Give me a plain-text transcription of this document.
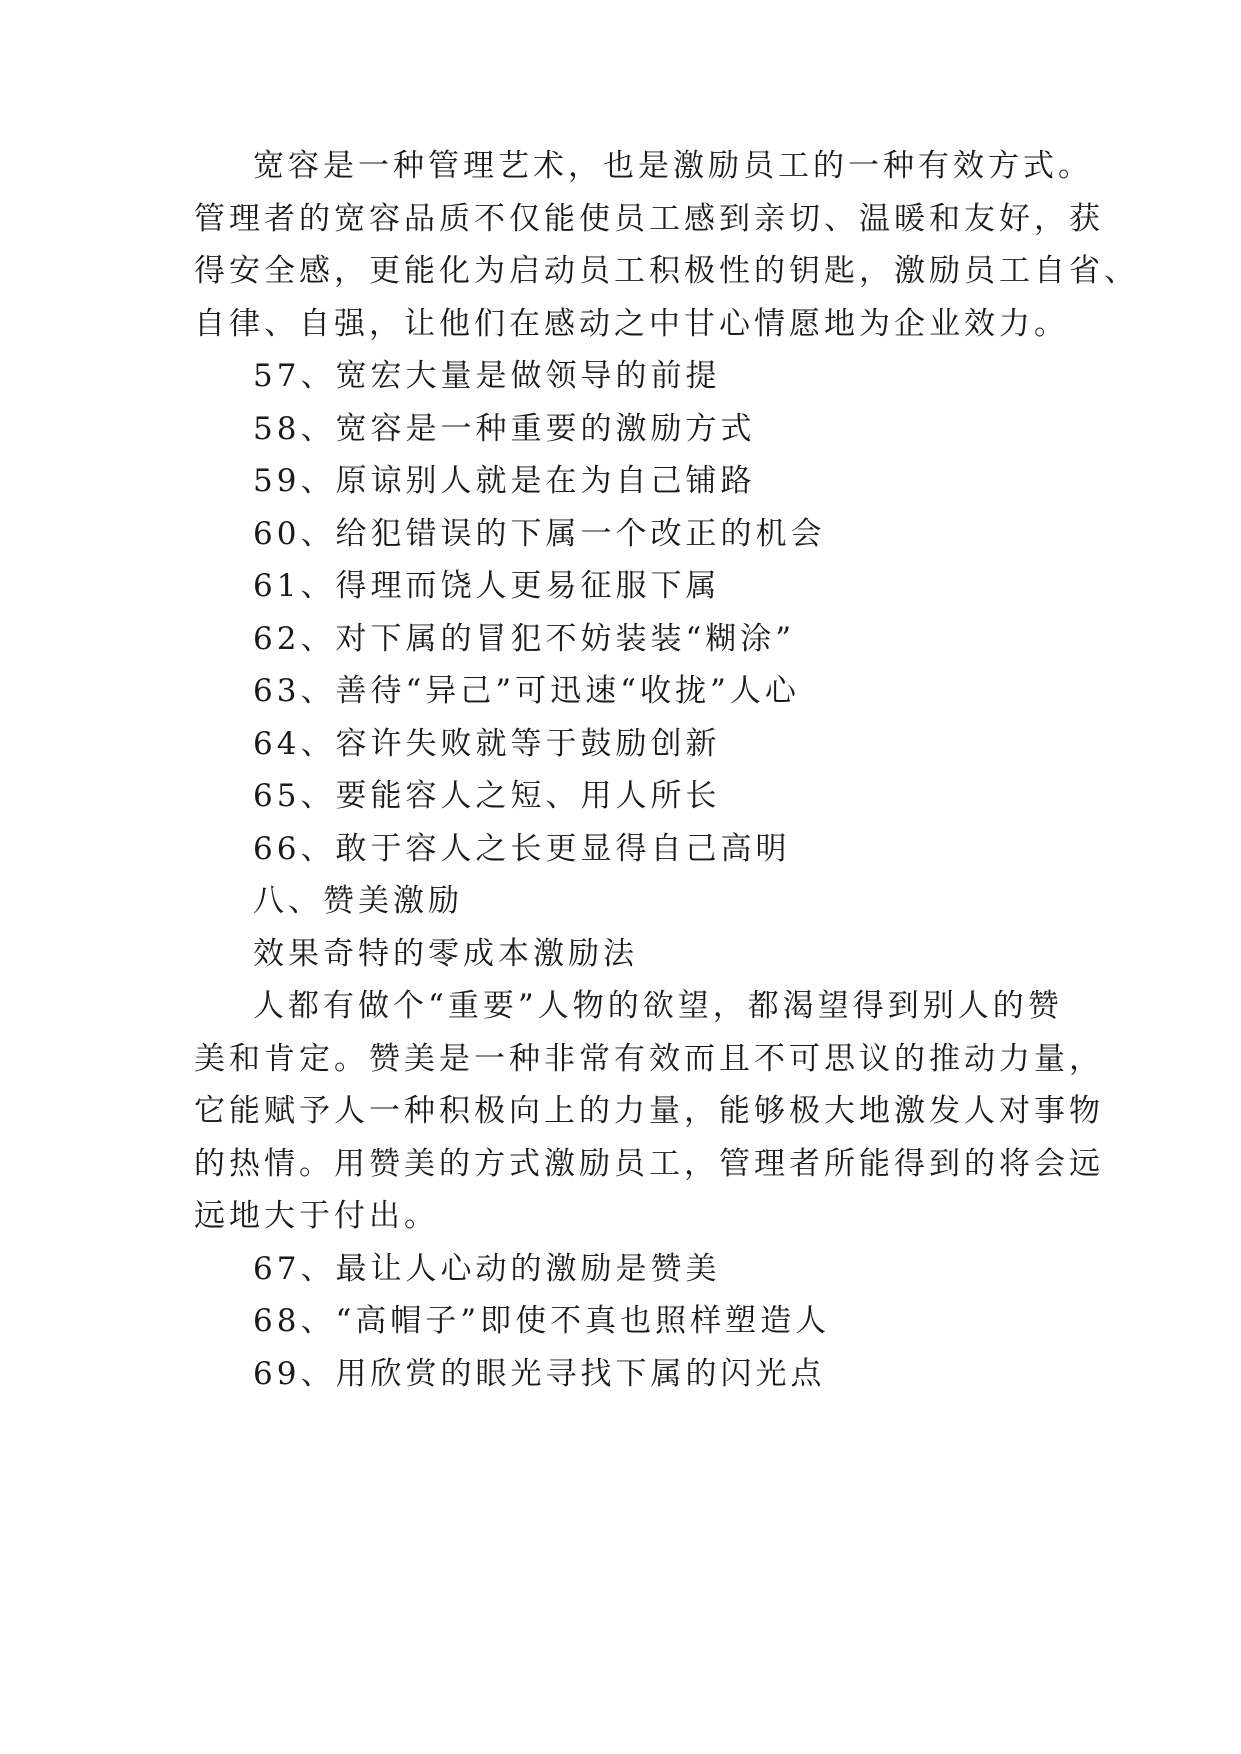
宽容是一种管理艺术，也是激励员工的一种有效方式。
管理者的宽容品质不仅能使员工感到亲切、温暖和友好，获
得安全感，更能化为启动员工积极性的钥匙，激励员工自省、
自律、自强，让他们在感动之中甘心情愿地为企业效力。
57、宽宏大量是做领导的前提
58、宽容是一种重要的激励方式
59、原谅别人就是在为自己铺路
60、给犯错误的下属一个改正的机会
61、得理而饶人更易征服下属
62、对下属的冒犯不妨装装“糊涂”
63、善待“异己”可迅速“收拢”人心
64、容许失败就等于鼓励创新
65、要能容人之短、用人所长
66、敢于容人之长更显得自己高明
八、赞美激励
效果奇特的零成本激励法
人都有做个“重要”人物的欲望，都渴望得到别人的赞
美和肯定。赞美是一种非常有效而且不可思议的推动力量，
它能赋予人一种积极向上的力量，能够极大地激发人对事物
的热情。用赞美的方式激励员工，管理者所能得到的将会远
远地大于付出。
67、最让人心动的激励是赞美
68、“高帽子”即使不真也照样塑造人
69、用欣赏的眼光寻找下属的闪光点
